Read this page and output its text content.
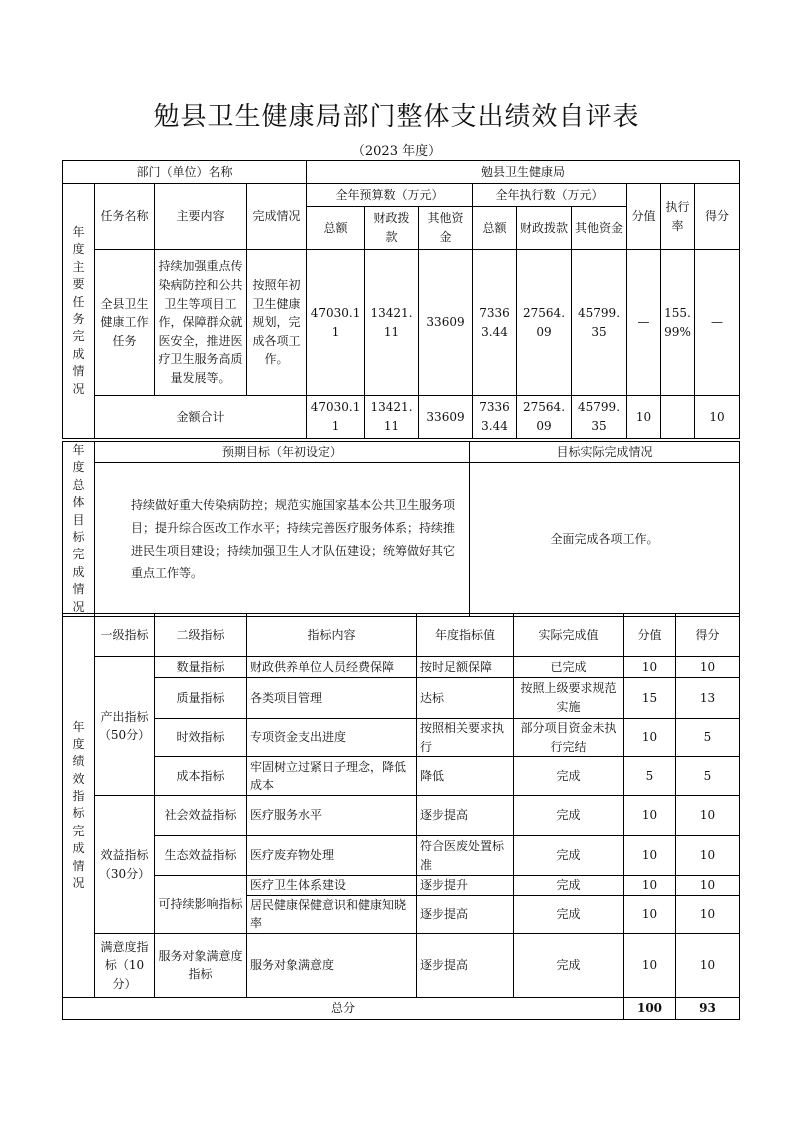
勉县卫生健康局部门整体支出绩效自评表
（2023 年度）
部门（单位）名称				勉县卫生健康局								
年度主要任务完成情况	任务名称	主要内容	完成情况	全年预算数（万元）			全年执行数（万元）			分值	执行率	得分
				总额	财政拨款	其他资金	总额	财政拨款	其他资金			
	全县卫生健康工作任务	持续加强重点传染病防控和公共卫生等项目工作，保障群众就医安全，推进医疗卫生服务高质量发展等。	按照年初卫生健康规划，完成各项工作。	47030.11	13421.11	33609	73363.44	27564.09	45799.35	—	155.99%	—
	金额合计			47030.11	13421.11	33609	73363.44	27564.09	45799.35	10		10
年度总体目标完成情况	预期目标（年初设定）	目标实际完成情况
	持续做好重大传染病防控；规范实施国家基本公共卫生服务项目；提升综合医改工作水平；持续完善医疗服务体系；持续推进民生项目建设；持续加强卫生人才队伍建设；统筹做好其它重点工作等。	全面完成各项工作。
年度绩效指标完成情况	一级指标	二级指标	指标内容	年度指标值	实际完成值	分值	得分
	产出指标（50分）	数量指标	财政供养单位人员经费保障	按时足额保障	已完成	10	10
		质量指标	各类项目管理	达标	按照上级要求规范实施	15	13
		时效指标	专项资金支出进度	按照相关要求执行	部分项目资金未执行完结	10	5
		成本指标	牢固树立过紧日子理念，降低成本	降低	完成	5	5
	效益指标（30分）	社会效益指标	医疗服务水平	逐步提高	完成	10	10
		生态效益指标	医疗废弃物处理	符合医废处置标准	完成	10	10
		可持续影响指标	医疗卫生体系建设	逐步提升	完成	10	10
			居民健康保健意识和健康知晓率	逐步提高	完成	10	10
	满意度指标（10分）	服务对象满意度指标	服务对象满意度	逐步提高	完成	10	10
总分						100	93
